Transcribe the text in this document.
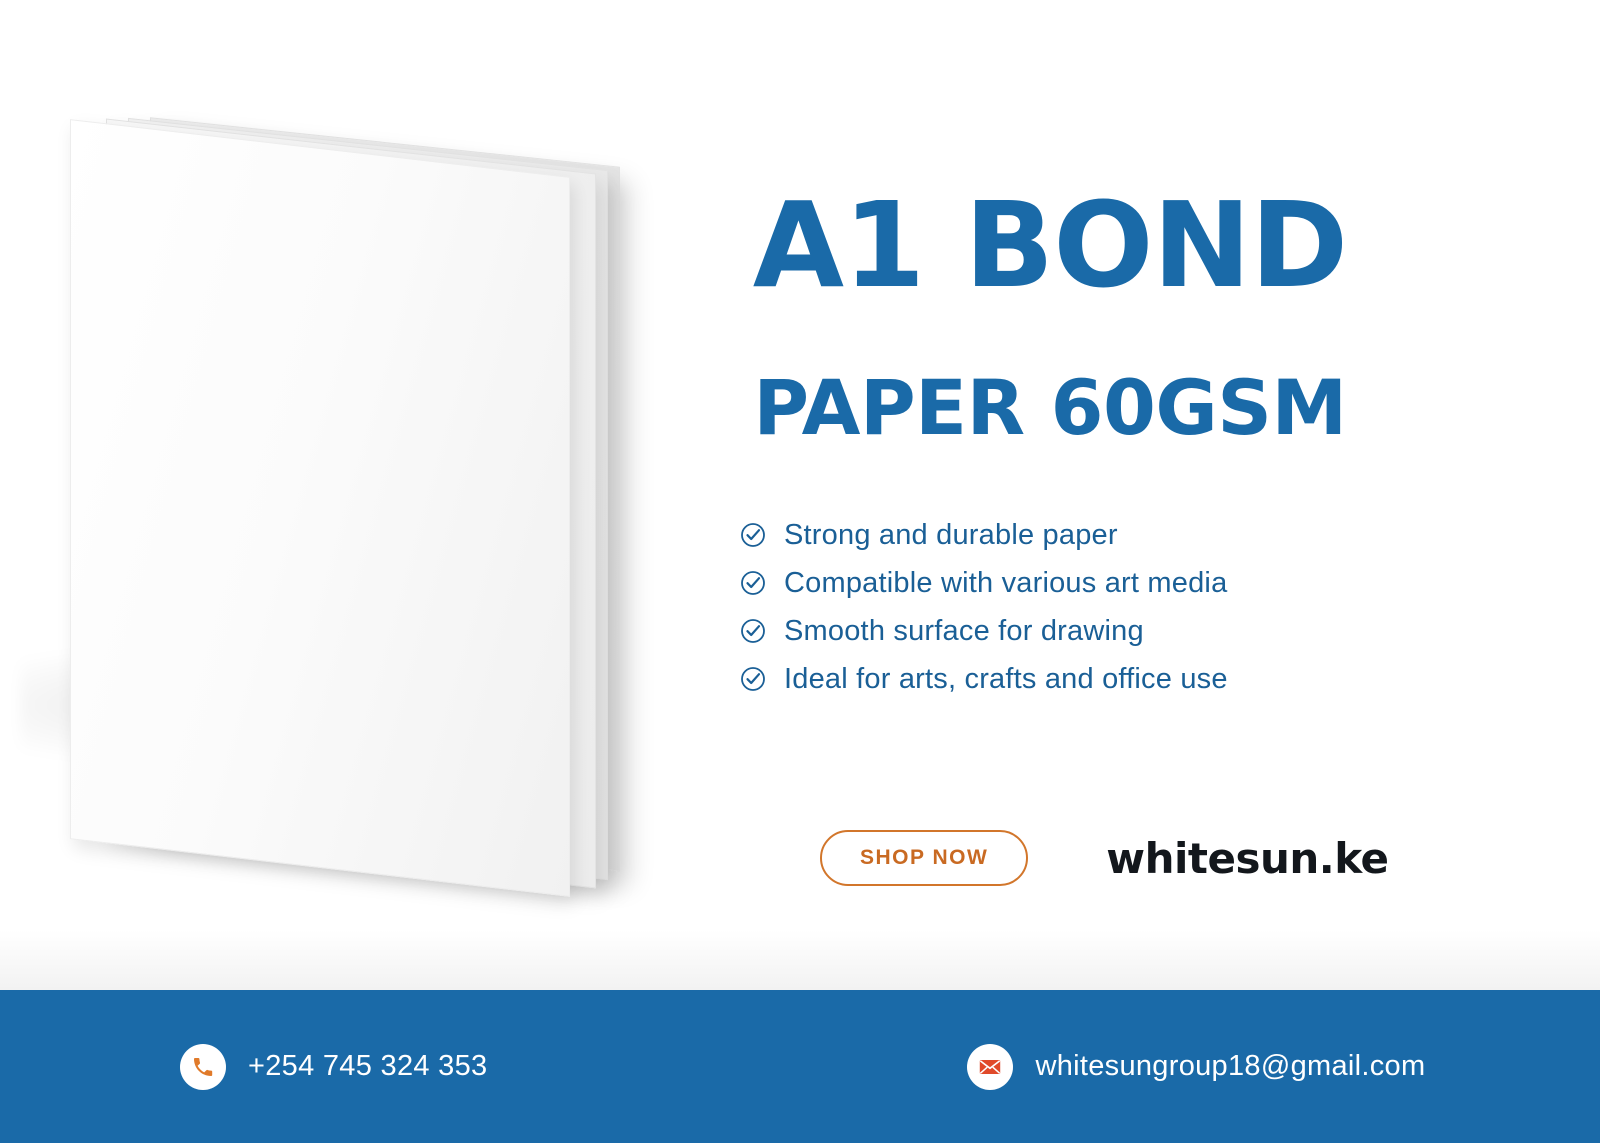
A1 BOND
PAPER 60GSM
Strong and durable paper
Compatible with various art media
Smooth surface for drawing
Ideal for arts, crafts and office use
SHOP NOW	whitesun.ke
+254 745 324 353	whitesungroup18@gmail.com
